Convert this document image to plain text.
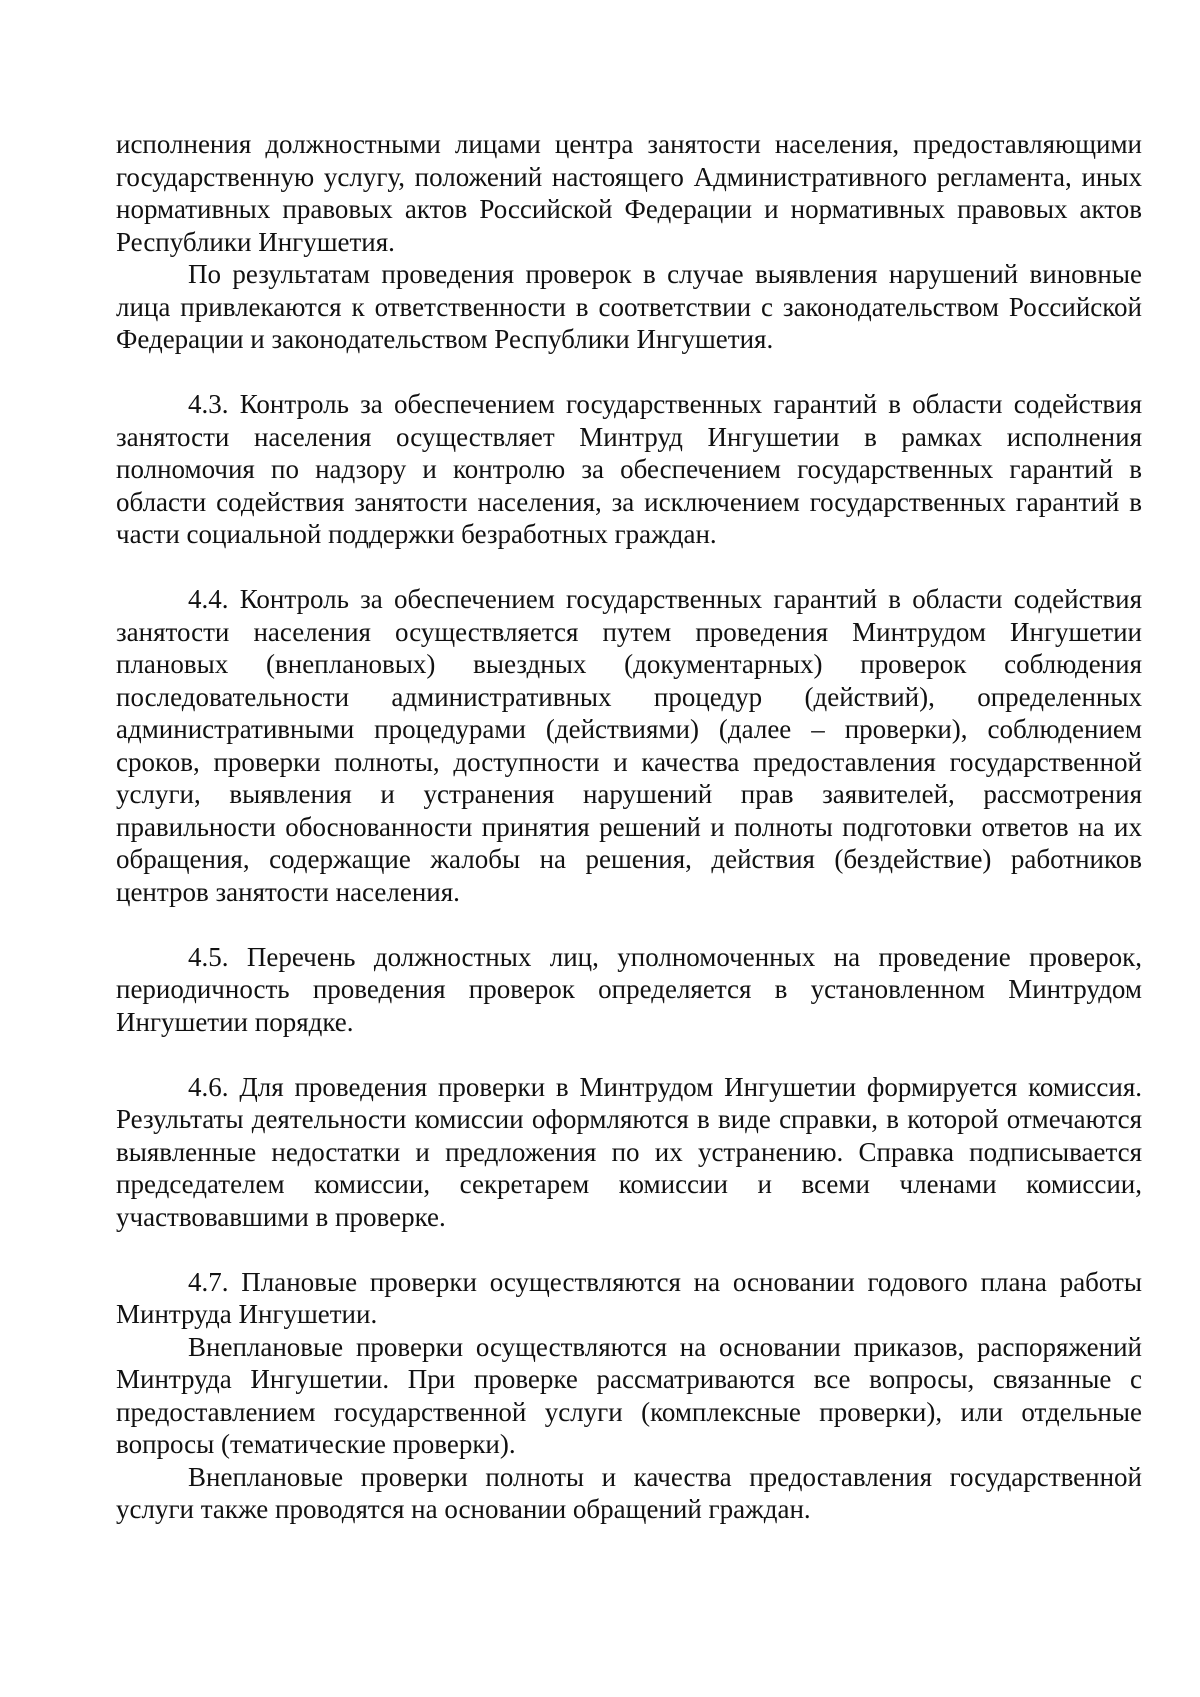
исполнения должностными лицами центра занятости населения, предоставляющими государственную услугу, положений настоящего Административного регламента, иных нормативных правовых актов Российской Федерации и нормативных правовых актов Республики Ингушетия.

По результатам проведения проверок в случае выявления нарушений виновные лица привлекаются к ответственности в соответствии с законодательством Российской Федерации и законодательством Республики Ингушетия.

4.3. Контроль за обеспечением государственных гарантий в области содействия занятости населения осуществляет Минтруд Ингушетии в рамках исполнения полномочия по надзору и контролю за обеспечением государственных гарантий в области содействия занятости населения, за исключением государственных гарантий в части социальной поддержки безработных граждан.

4.4. Контроль за обеспечением государственных гарантий в области содействия занятости населения осуществляется путем проведения Минтрудом Ингушетии плановых (внеплановых) выездных (документарных) проверок соблюдения последовательности административных процедур (действий), определенных административными процедурами (действиями) (далее – проверки), соблюдением сроков, проверки полноты, доступности и качества предоставления государственной услуги, выявления и устранения нарушений прав заявителей, рассмотрения правильности обоснованности принятия решений и полноты подготовки ответов на их обращения, содержащие жалобы на решения, действия (бездействие) работников центров занятости населения.

4.5. Перечень должностных лиц, уполномоченных на проведение проверок, периодичность проведения проверок определяется в установленном Минтрудом Ингушетии порядке.

4.6. Для проведения проверки в Минтрудом Ингушетии формируется комиссия. Результаты деятельности комиссии оформляются в виде справки, в которой отмечаются выявленные недостатки и предложения по их устранению. Справка подписывается председателем комиссии, секретарем комиссии и всеми членами комиссии, участвовавшими в проверке.

4.7. Плановые проверки осуществляются на основании годового плана работы Минтруда Ингушетии.

Внеплановые проверки осуществляются на основании приказов, распоряжений Минтруда Ингушетии. При проверке рассматриваются все вопросы, связанные с предоставлением государственной услуги (комплексные проверки), или отдельные вопросы (тематические проверки).

Внеплановые проверки полноты и качества предоставления государственной услуги также проводятся на основании обращений граждан.
